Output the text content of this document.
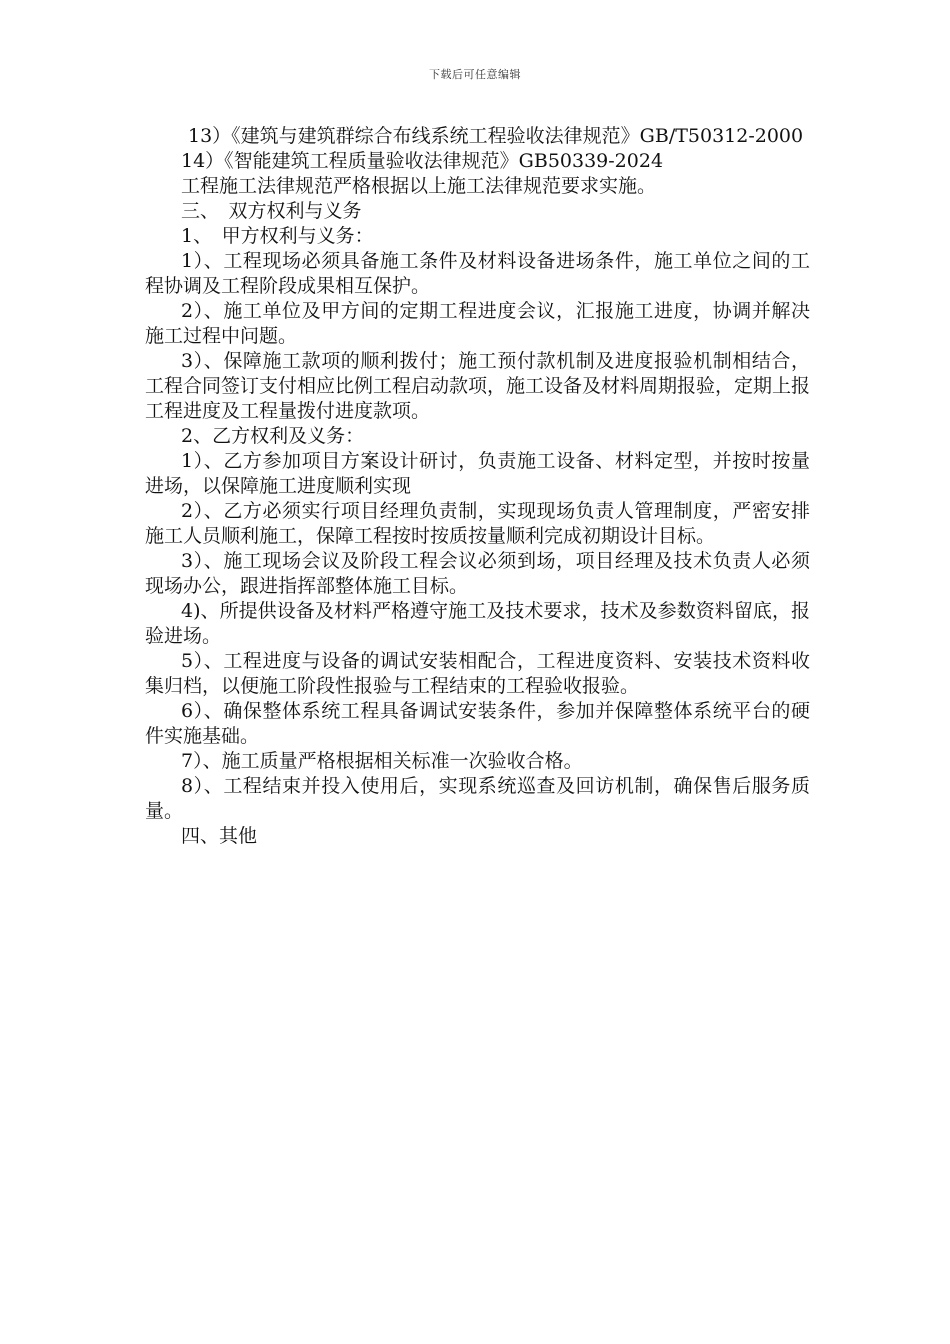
下载后可任意编辑

13）《建筑与建筑群综合布线系统工程验收法律规范》GB/T50312-2000

14）《智能建筑工程质量验收法律规范》GB50339-2024

工程施工法律规范严格根据以上施工法律规范要求实施。

三、　双方权利与义务

1、　甲方权利与义务：

1）、工程现场必须具备施工条件及材料设备进场条件，施工单位之间的工程协调及工程阶段成果相互保护。

2）、施工单位及甲方间的定期工程进度会议，汇报施工进度，协调并解决施工过程中问题。

3）、保障施工款项的顺利拨付；施工预付款机制及进度报验机制相结合，工程合同签订支付相应比例工程启动款项，施工设备及材料周期报验，定期上报工程进度及工程量拨付进度款项。

2、乙方权利及义务：

1）、乙方参加项目方案设计研讨，负责施工设备、材料定型，并按时按量进场，以保障施工进度顺利实现

2）、乙方必须实行项目经理负责制，实现现场负责人管理制度，严密安排施工人员顺利施工，保障工程按时按质按量顺利完成初期设计目标。

3）、施工现场会议及阶段工程会议必须到场，项目经理及技术负责人必须现场办公，跟进指挥部整体施工目标。

4)、所提供设备及材料严格遵守施工及技术要求，技术及参数资料留底，报验进场。

5）、工程进度与设备的调试安装相配合，工程进度资料、安装技术资料收集归档，以便施工阶段性报验与工程结束的工程验收报验。

6）、确保整体系统工程具备调试安装条件，参加并保障整体系统平台的硬件实施基础。

7）、施工质量严格根据相关标准一次验收合格。

8）、工程结束并投入使用后，实现系统巡查及回访机制，确保售后服务质量。

四、其他
